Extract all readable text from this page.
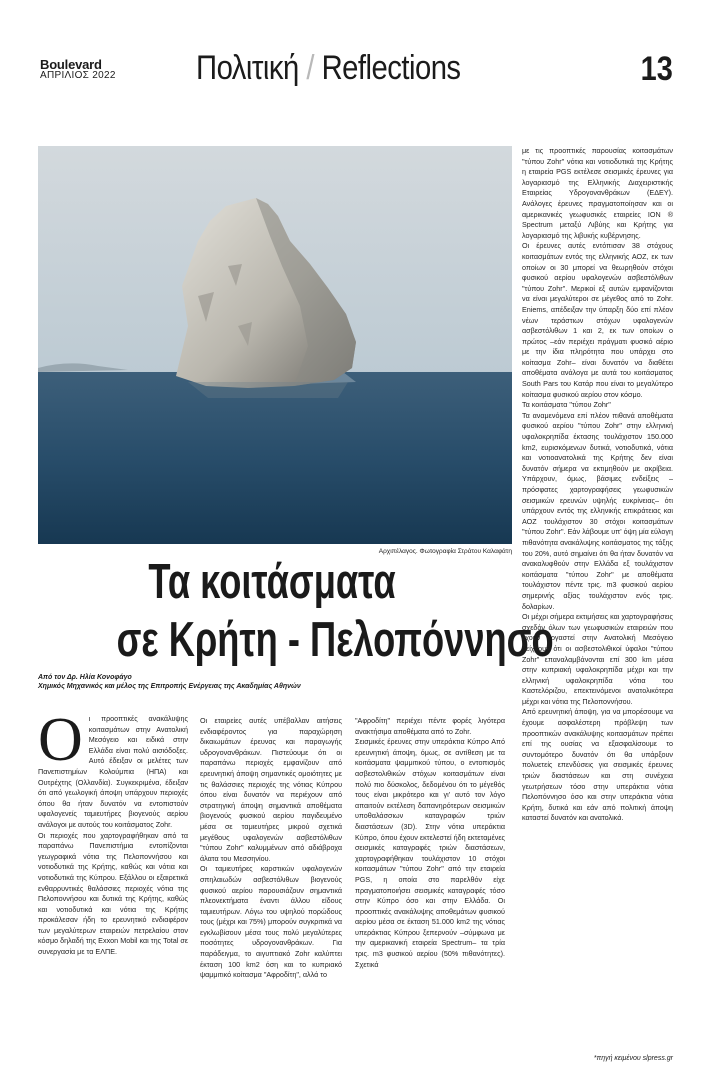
Boulevard
ΑΠΡΙΛΙΟΣ 2022 Πολιτική / Reflections	13
Αρχιπέλαγος. Φωτογραφία Στράτου Καλαφάτη
Τα κοιτάσματα
σε Κρήτη - Πελοπόννησο
Από τον Δρ. Ηλία Κονοφάγο
Χημικός Μηχανικός και μέλος της Επιτροπής Ενέργειας της Ακαδημίας Αθηνών
Ο ι προοπτικές ανακάλυψης κοιτασμάτων στην Ανατολική Μεσόγειο και ειδικά στην Ελλάδα είναι πολύ αισιόδοξες. Αυτό έδειξαν οι μελέτες των Πανεπιστημίων Κολούμπια (ΗΠΑ) και Ουτρέχτης (Ολλανδία). Συγκεκριμένα, έδειξαν ότι από γεωλογική άποψη υπάρχουν περιοχές όπου θα ήταν δυνατόν να εντοπιστούν υφαλογενείς ταμιευτήρες βιογενούς αερίου ανάλογοι με αυτούς του κοιτάσματος Zohr.

Οι περιοχές που χαρτογραφήθηκαν από τα παραπάνω Πανεπιστήμια εντοπίζονται γεωγραφικά νότια της Πελοποννήσου και νοτιοδυτικά της Κρήτης, καθώς και νότια και νοτιοδυτικά της Κύπρου. Εξάλλου οι εξαιρετικά ενθαρρυντικές θαλάσσιες περιοχές νότια της Πελοποννήσου και δυτικά της Κρήτης, καθώς και νοτιοδυτικά και νότια της Κρήτης προκάλεσαν ήδη το ερευνητικό ενδιαφέρον των μεγαλύτερων εταιρειών πετρελαίου στον κόσμο δηλαδή της Exxon Mobil και της Total σε συνεργασία με τα ΕΛΠΕ.

Οι εταιρείες αυτές υπέβαλλαν αιτήσεις ενδιαφέροντος για παραχώρηση δικαιωμάτων έρευνας και παραγωγής υδρογονανθράκων. Πιστεύουμε ότι οι παραπάνω περιοχές εμφανίζουν από ερευνητική άποψη σημαντικές ομοιότητες με τις θαλάσσιες περιοχές της νότιας Κύπρου όπου είναι δυνατόν να περιέχουν από στρατηγική άποψη σημαντικά αποθέματα βιογενούς φυσικού αερίου παγιδευμένο μέσα σε ταμιευτήρες μικρού σχετικά μεγέθους υφαλογενών ασβεστόλιθων "τύπου Zohr" καλυμμένων από αδιάβροχα άλατα του Μεσσηνίου.

Οι ταμιευτήρες καρστικών υφαλογενών σπηλαιωδών ασβεστόλιθων βιογενούς φυσικού αερίου παρουσιάζουν σημαντικά πλεονεκτήματα έναντι άλλου είδους ταμιευτήρων. Λόγω του υψηλού πορώδους τους (μέχρι και 75%) μπορούν συγκριτικά να εγκλωβίσουν μέσα τους πολύ μεγαλύτερες ποσότητες υδρογονανθράκων. Για παράδειγμα, το αιγυπτιακό Zohr καλύπτει έκταση 100 km2 όση και το κυπριακό ψαμμιτικό κοίτασμα "Αφροδίτη", αλλά το

"Αφροδίτη" περιέχει πέντε φορές λιγότερα ανακτήσιμα αποθέματα από το Zohr.

Σεισμικές έρευνες στην υπεράκτια Κύπρο Από ερευνητική άποψη, όμως, σε αντίθεση με τα κοιτάσματα ψαμμιτικού τύπου, ο εντοπισμός ασβεστολιθικών στόχων κοιτασμάτων είναι πολύ πιο δύσκολος, δεδομένου ότι το μέγεθός τους είναι μικρότερο και γι' αυτό τον λόγο απαιτούν εκτέλεση δαπανηρότερων σεισμικών υποθαλάσσιων καταγραφών τριών διαστάσεων (3D). Στην νότια υπεράκτια Κύπρο, όπου έχουν εκτελεστεί ήδη εκτεταμένες σεισμικές καταγραφές τριών διαστάσεων, χαρτογραφήθηκαν τουλάχιστον 10 στόχοι κοιτασμάτων "τύπου Zohr" από την εταιρεία PGS, η οποία στο παρελθόν είχε πραγματοποιήσει σεισμικές καταγραφές τόσο στην Κύπρο όσο και στην Ελλάδα. Οι προοπτικές ανακάλυψης αποθεμάτων φυσικού αερίου μέσα σε έκταση 51.000 km2 της νότιας υπεράκτιας Κύπρου ξεπερνούν –σύμφωνα με την αμερικανική εταιρεία Spectrum– τα τρία τρις. m3 φυσικού αερίου (50% πιθανότητες). Σχετικά

με τις προοπτικές παρουσίας κοιτασμάτων "τύπου Zohr" νότια και νοτιοδυτικά της Κρήτης η εταιρεία PGS εκτέλεσε σεισμικές έρευνες για λογαριασμό της Ελληνικής Διαχειριστικής Εταιρείας Υδρογονανθράκων (ΕΔΕΥ). Ανάλογες έρευνες πραγματοποίησαν και οι αμερικανικές γεωφυσικές εταιρείες ION ® Spectrum μεταξύ Λιβύης και Κρήτης για λογαριασμό της λιβυκής κυβέρνησης.

Οι έρευνες αυτές εντόπισαν 38 στόχους κοιτασμάτων εντός της ελληνικής ΑΟΖ, εκ των οποίων οι 30 μπορεί να θεωρηθούν στόχοι φυσικού αερίου υφαλογενών ασβεστόλιθων "τύπου Zohr". Μερικοί εξ αυτών εμφανίζονται να είναι μεγαλύτεροι σε μέγεθος από το Zohr. Eniems, απέδειξαν την ύπαρξη δύο επί πλέον νέων τεράστιων στόχων υφαλογενών ασβεστόλιθων 1 και 2, εκ των οποίων ο πρώτος –εάν περιέχει πράγματι φυσικό αέριο με την ίδια πληρότητα που υπάρχει στο κοίτασμα Zohr– είναι δυνατόν να διαθέτει αποθέματα ανάλογα με αυτά του κοιτάσματος South Pars του Κατάρ που είναι το μεγαλύτερο κοίτασμα φυσικού αερίου στον κόσμο.

Τα κοιτάσματα "τύπου Zohr"

Τα αναμενόμενα επί πλέον πιθανά αποθέματα φυσικού αερίου "τύπου Zohr" στην ελληνική υφαλοκρηπίδα έκτασης τουλάχιστον 150.000 km2, ευρισκόμενων δυτικά, νοτιοδυτικά, νότια και νοτιοανατολικά της Κρήτης δεν είναι δυνατόν σήμερα να εκτιμηθούν με ακρίβεια. Υπάρχουν, όμως, βάσιμες ενδείξεις –πρόσφατες χαρτογραφήσεις γεωφυσικών σεισμικών ερευνών υψηλής ευκρίνειας– ότι υπάρχουν εντός της ελληνικής επικράτειας και ΑΟΖ τουλάχιστον 30 στόχοι κοιτασμάτων "τύπου Zohr". Εάν λάβουμε υπ' όψη μία εύλογη πιθανότητα ανακάλυψης κοιτάσματος της τάξης του 20%, αυτό σημαίνει ότι θα ήταν δυνατόν να ανακαλυφθούν στην Ελλάδα εξ τουλάχιστον κοιτάσματα "τύπου Zohr" με αποθέματα τουλάχιστον πέντε τρις. m3 φυσικού αερίου σημερινής αξίας τουλάχιστον ενός τρις. δολαρίων.

Οι μέχρι σήμερα εκτιμήσεις και χαρτογραφήσεις σχεδόν όλων των γεωφυσικών εταιρειών που έχουν εργαστεί στην Ανατολική Μεσόγειο δείχνουν ότι οι ασβεστολιθικοί ύφαλοι "τύπου Zohr" επαναλαμβάνονται επί 300 km μέσα στην κυπριακή υφαλοκρηπίδα μέχρι και την ελληνική υφαλοκρηπίδα νότια του Καστελόριζου, επεκτεινόμενοι ανατολικότερα μέχρι και νότια της Πελοποννήσου.

Από ερευνητική άποψη, για να μπορέσουμε να έχουμε ασφαλέστερη πρόβλεψη των προοπτικών ανακάλυψης κοιτασμάτων πρέπει επί της ουσίας να εξασφαλίσουμε το συντομότερο δυνατόν ότι θα υπάρξουν πολυετείς επενδύσεις για σεισμικές έρευνες τριών διαστάσεων και στη συνέχεια γεωτρήσεων τόσο στην υπεράκτια νότια Πελοπόννησο όσο και στην υπεράκτια νότια Κρήτη, δυτικά και εάν από πολιτική άποψη καταστεί δυνατόν και ανατολικά.

*πηγή κειμένου slpress.gr
